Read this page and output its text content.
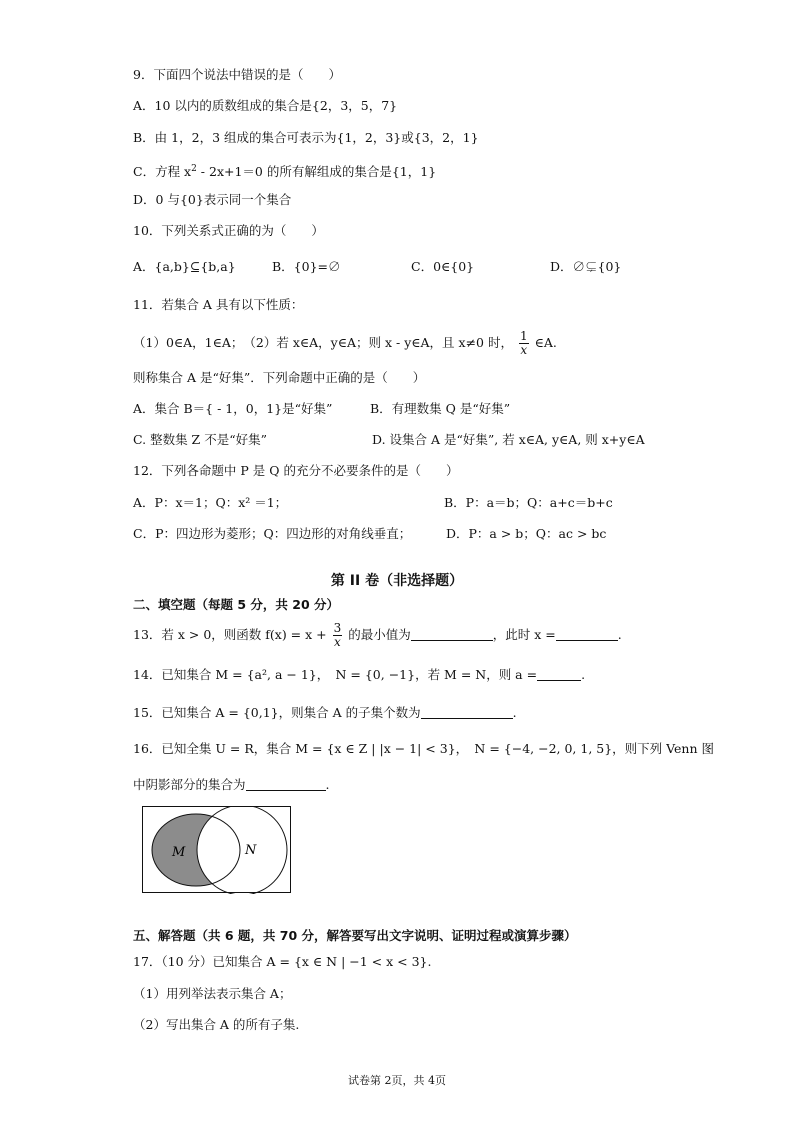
9．下面四个说法中错误的是（　　）
A．10 以内的质数组成的集合是{2，3，5，7}
B．由 1，2，3 组成的集合可表示为{1，2，3}或{3，2，1}
C．方程 $x^2 - 2x+1=0$ 的所有解组成的集合是{1，1}
D．0 与{0}表示同一个集合
10．下列关系式正确的为（　　）
A．{a,b}⊆{b,a}	B．{0}=∅	C．0∈{0}	D．∅⊊{0}
11．若集合 A 具有以下性质：
（1）0∈A，1∈A；　（2）若 x∈A，y∈A；则 x - y∈A，且 x≠0 时， $\frac{1}{x}$ ∈A.
则称集合 A 是“好集”．下列命题中正确的是（　　）
A．集合 B＝{ - 1，0，1}是“好集”	B．有理数集 Q 是“好集”
C. 整数集 Z 不是“好集”	D. 设集合 A 是“好集”, 若 x∈A, y∈A, 则 x+y∈A
12．下列各命题中 P 是 Q 的充分不必要条件的是（　　）
A．P：x＝1；Q：x² ＝1；	B．P：a＝b；Q：a+c＝b+c
C．P：四边形为菱形；Q：四边形的对角线垂直；	D．P：a > b；Q：ac > bc
第 II 卷（非选择题）
二、填空题（每题 5 分，共 20 分）
13．若 x > 0，则函数 $f(x) = x + \frac{3}{x}$ 的最小值为	，此时 x =	.
14．已知集合 M = {a², a − 1}，　N = {0, −1}，若 M = N，则 a =	.
15．已知集合 A = {0,1}，则集合 A 的子集个数为	.
16．已知全集 U = R，集合 M = {x ∈ Z | |x − 1| < 3}，　N = {−4, −2, 0, 1, 5}，则下列 Venn 图
中阴影部分的集合为	.
M	N
五、解答题（共 6 题，共 70 分，解答要写出文字说明、证明过程或演算步骤）
17．（10 分）已知集合 A = {x ∈ N | −1 < x < 3}.
（1）用列举法表示集合 A；
（2）写出集合 A 的所有子集.
试卷第 2页，共 4页
